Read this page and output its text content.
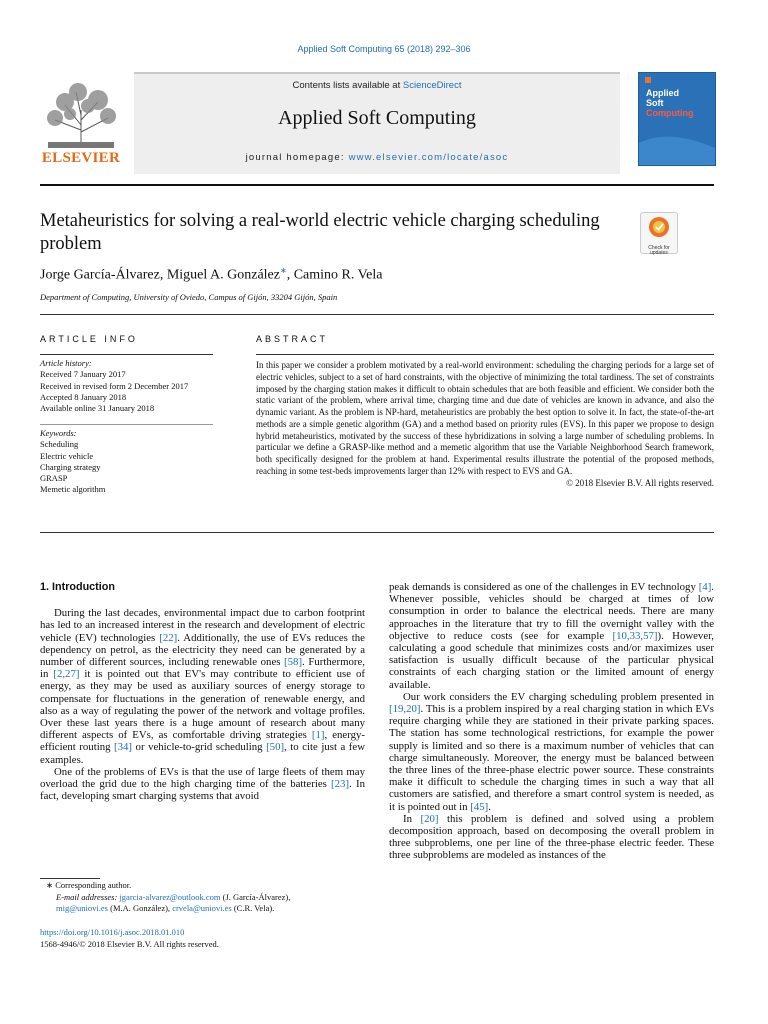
Applied Soft Computing 65 (2018) 292–306
ELSEVIER
Contents lists available at ScienceDirect
Applied Soft Computing
journal homepage: www.elsevier.com/locate/asoc
Applied
Soft
Computing
Metaheuristics for solving a real-world electric vehicle charging scheduling problem	Check for updates
Jorge García-Álvarez, Miguel A. González∗, Camino R. Vela
Department of Computing, University of Oviedo, Campus of Gijón, 33204 Gijón, Spain
ARTICLE INFO	ABSTRACT
Article history:
Received 7 January 2017
Received in revised form 2 December 2017
Accepted 8 January 2018
Available online 31 January 2018
Keywords:
Scheduling
Electric vehicle
Charging strategy
GRASP
Memetic algorithm
In this paper we consider a problem motivated by a real-world environment: scheduling the charging periods for a large set of electric vehicles, subject to a set of hard constraints, with the objective of minimizing the total tardiness. The set of constraints imposed by the charging station makes it difficult to obtain schedules that are both feasible and efficient. We consider both the static variant of the problem, where arrival time, charging time and due date of vehicles are known in advance, and also the dynamic variant. As the problem is NP-hard, metaheuristics are probably the best option to solve it. In fact, the state-of-the-art methods are a simple genetic algorithm (GA) and a method based on priority rules (EVS). In this paper we propose to design hybrid metaheuristics, motivated by the success of these hybridizations in solving a large number of scheduling problems. In particular we define a GRASP-like method and a memetic algorithm that use the Variable Neighborhood Search framework, both specifically designed for the problem at hand. Experimental results illustrate the potential of the proposed methods, reaching in some test-beds improvements larger than 12% with respect to EVS and GA.
© 2018 Elsevier B.V. All rights reserved.

1. Introduction

During the last decades, environmental impact due to carbon footprint has led to an increased interest in the research and development of electric vehicle (EV) technologies [22]. Additionally, the use of EVs reduces the dependency on petrol, as the electricity they need can be generated by a number of different sources, including renewable ones [58]. Furthermore, in [2,27] it is pointed out that EV's may contribute to efficient use of energy, as they may be used as auxiliary sources of energy storage to compensate for fluctuations in the generation of renewable energy, and also as a way of regulating the power of the network and voltage profiles. Over these last years there is a huge amount of research about many different aspects of EVs, as comfortable driving strategies [1], energy-efficient routing [34] or vehicle-to-grid scheduling [50], to cite just a few examples.

One of the problems of EVs is that the use of large fleets of them may overload the grid due to the high charging time of the batteries [23]. In fact, developing smart charging systems that avoid

peak demands is considered as one of the challenges in EV technology [4]. Whenever possible, vehicles should be charged at times of low consumption in order to balance the electrical needs. There are many approaches in the literature that try to fill the overnight valley with the objective to reduce costs (see for example [10,33,57]). However, calculating a good schedule that minimizes costs and/or maximizes user satisfaction is usually difficult because of the particular physical constraints of each charging station or the limited amount of energy available.

Our work considers the EV charging scheduling problem presented in [19,20]. This is a problem inspired by a real charging station in which EVs require charging while they are stationed in their private parking spaces. The station has some technological restrictions, for example the power supply is limited and so there is a maximum number of vehicles that can charge simultaneously. Moreover, the energy must be balanced between the three lines of the three-phase electric power source. These constraints make it difficult to schedule the charging times in such a way that all customers are satisfied, and therefore a smart control system is needed, as it is pointed out in [45].

In [20] this problem is defined and solved using a problem decomposition approach, based on decomposing the overall problem in three subproblems, one per line of the three-phase electric feeder. These three subproblems are modeled as instances of the

∗ Corresponding author.
E-mail addresses: jgarcia-alvarez@outlook.com (J. García-Álvarez),
mig@uniovi.es (M.A. González), crvela@uniovi.es (C.R. Vela).
https://doi.org/10.1016/j.asoc.2018.01.010
1568-4946/© 2018 Elsevier B.V. All rights reserved.
